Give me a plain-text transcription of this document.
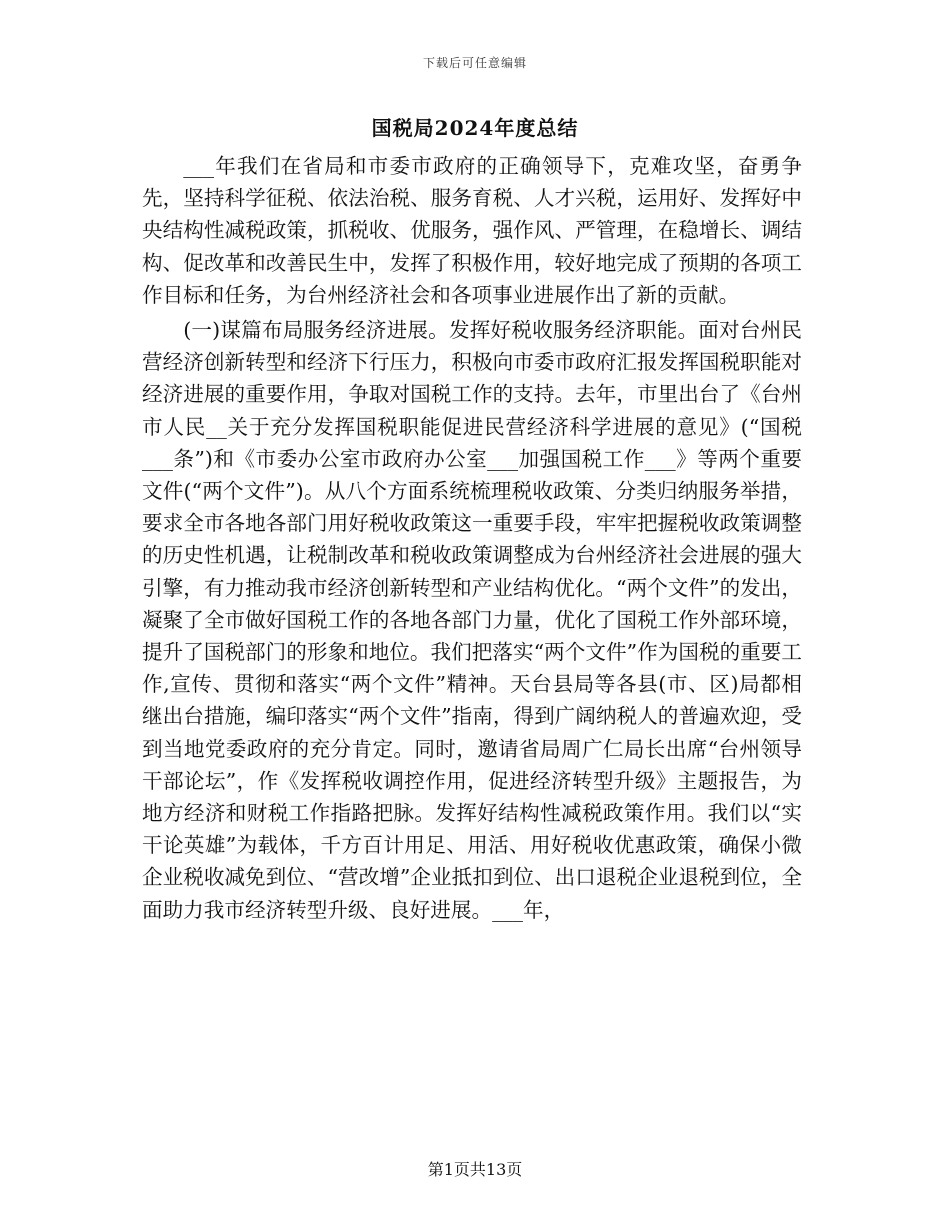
下载后可任意编辑
国税局2024年度总结

___年我们在省局和市委市政府的正确领导下，克难攻坚，奋勇争先，坚持科学征税、依法治税、服务育税、人才兴税，运用好、发挥好中央结构性减税政策，抓税收、优服务，强作风、严管理，在稳增长、调结构、促改革和改善民生中，发挥了积极作用，较好地完成了预期的各项工作目标和任务，为台州经济社会和各项事业进展作出了新的贡献。

(一)谋篇布局服务经济进展。发挥好税收服务经济职能。面对台州民营经济创新转型和经济下行压力，积极向市委市政府汇报发挥国税职能对经济进展的重要作用，争取对国税工作的支持。去年，市里出台了《台州市人民__关于充分发挥国税职能促进民营经济科学进展的意见》(“国税___条”)和《市委办公室市政府办公室___加强国税工作___》等两个重要文件(“两个文件”)。从八个方面系统梳理税收政策、分类归纳服务举措，要求全市各地各部门用好税收政策这一重要手段，牢牢把握税收政策调整的历史性机遇，让税制改革和税收政策调整成为台州经济社会进展的强大引擎，有力推动我市经济创新转型和产业结构优化。“两个文件”的发出，凝聚了全市做好国税工作的各地各部门力量，优化了国税工作外部环境，提升了国税部门的形象和地位。我们把落实“两个文件”作为国税的重要工作,宣传、贯彻和落实“两个文件”精神。天台县局等各县(市、区)局都相继出台措施，编印落实“两个文件”指南，得到广阔纳税人的普遍欢迎，受到当地党委政府的充分肯定。同时，邀请省局周广仁局长出席“台州领导干部论坛”，作《发挥税收调控作用，促进经济转型升级》主题报告，为地方经济和财税工作指路把脉。发挥好结构性减税政策作用。我们以“实干论英雄”为载体，千方百计用足、用活、用好税收优惠政策，确保小微企业税收减免到位、“营改增”企业抵扣到位、出口退税企业退税到位，全面助力我市经济转型升级、良好进展。___年，

第1页共13页
